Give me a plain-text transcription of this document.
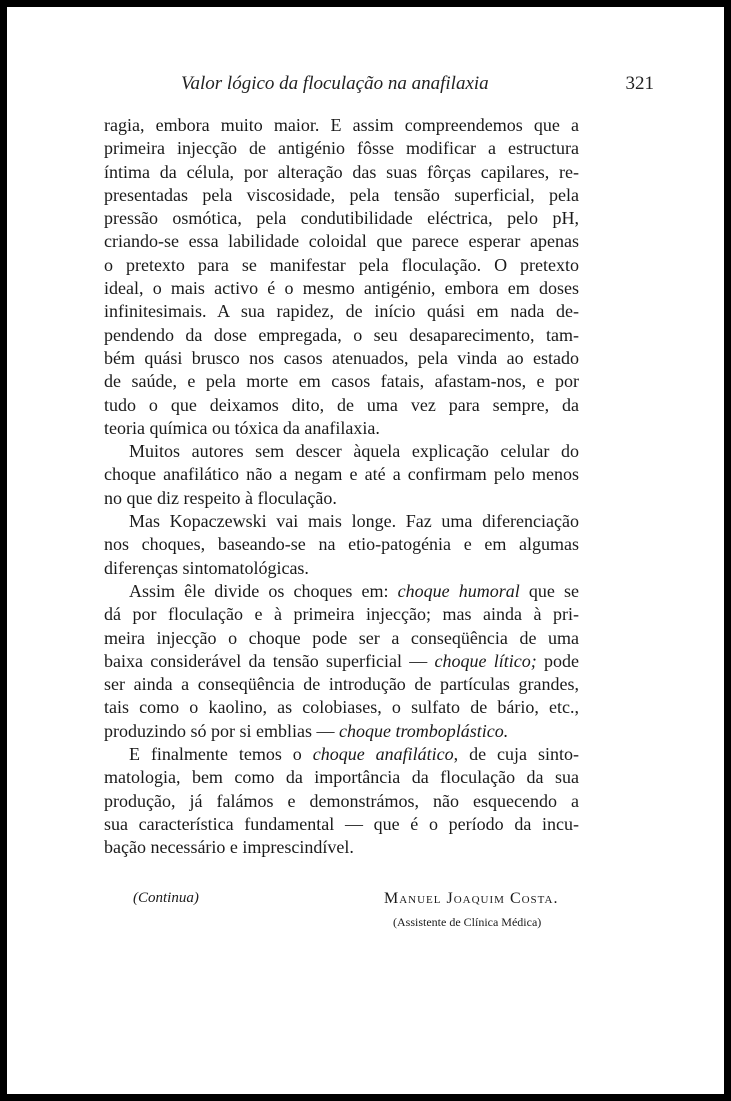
Valor lógico da floculação na anafilaxia	321

ragia, embora muito maior. E assim compreendemos que a

primeira injecção de antigénio fôsse modificar a estructura

íntima da célula, por alteração das suas fôrças capilares, re-

presentadas pela viscosidade, pela tensão superficial, pela

pressão osmótica, pela condutibilidade eléctrica, pelo pH,

criando-se essa labilidade coloidal que parece esperar apenas

o pretexto para se manifestar pela floculação. O pretexto

ideal, o mais activo é o mesmo antigénio, embora em doses

infinitesimais. A sua rapidez, de início quási em nada de-

pendendo da dose empregada, o seu desaparecimento, tam-

bém quási brusco nos casos atenuados, pela vinda ao estado

de saúde, e pela morte em casos fatais, afastam-nos, e por

tudo o que deixamos dito, de uma vez para sempre, da

teoria química ou tóxica da anafilaxia.

Muitos autores sem descer àquela explicação celular do

choque anafilático não a negam e até a confirmam pelo menos

no que diz respeito à floculação.

Mas Kopaczewski vai mais longe. Faz uma diferenciação

nos choques, baseando-se na etio-patogénia e em algumas

diferenças sintomatológicas.

Assim êle divide os choques em: choque humoral que se

dá por floculação e à primeira injecção; mas ainda à pri-

meira injecção o choque pode ser a conseqüência de uma

baixa considerável da tensão superficial — choque lítico; pode

ser ainda a conseqüência de introdução de partículas grandes,

tais como o kaolino, as colobiases, o sulfato de bário, etc.,

produzindo só por si emblias — choque tromboplástico.

E finalmente temos o choque anafilático, de cuja sinto-

matologia, bem como da importância da floculação da sua

produção, já falámos e demonstrámos, não esquecendo a

sua característica fundamental — que é o período da incu-

bação necessário e imprescindível.

(Continua)	Manuel Joaquim Costa.
(Assistente de Clínica Médica)
